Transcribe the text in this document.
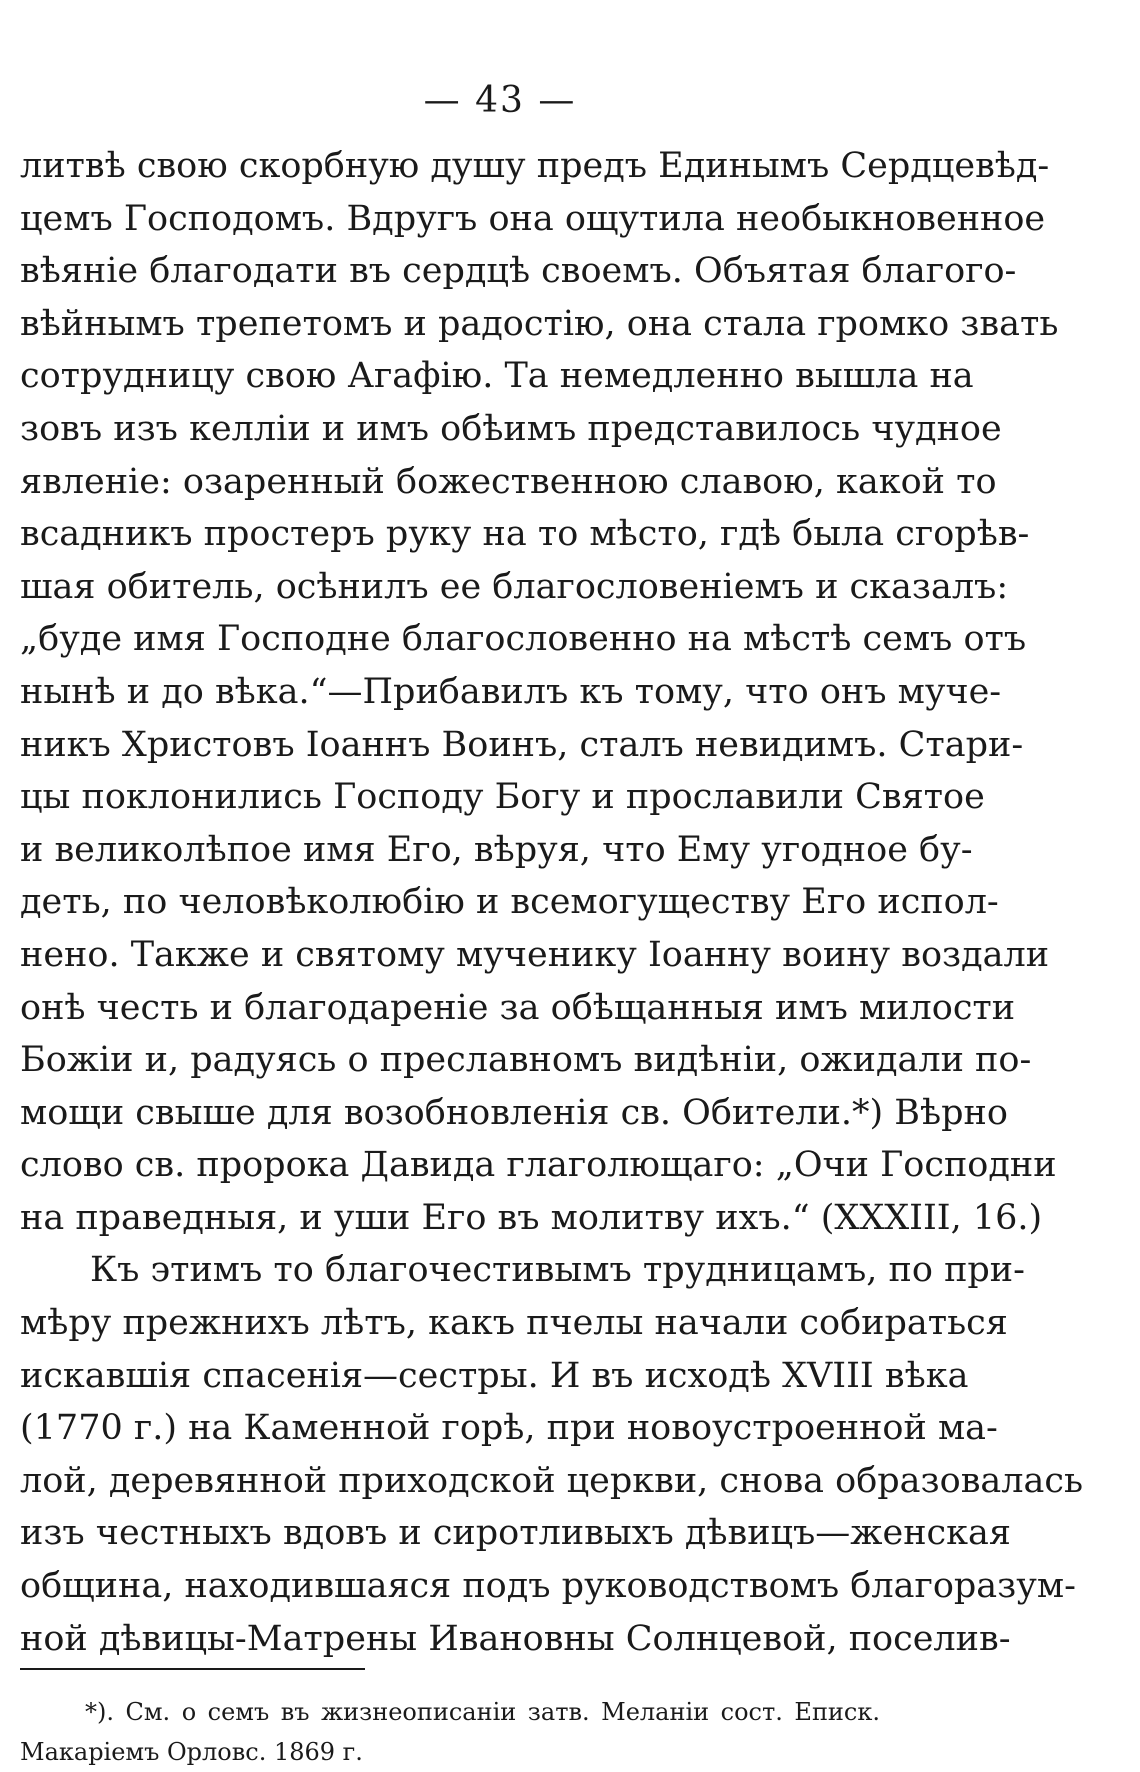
— 43 —
литвѣ свою скорбную душу предъ Единымъ Сердцевѣд-
цемъ Господомъ. Вдругъ она ощутила необыкновенное
вѣяніе благодати въ сердцѣ своемъ. Объятая благого-
вѣйнымъ трепетомъ и радостію, она стала громко звать
сотрудницу свою Агафію. Та немедленно вышла на
зовъ изъ келліи и имъ обѣимъ представилось чудное
явленіе: озаренный божественною славою, какой то
всадникъ простеръ руку на то мѣсто, гдѣ была сгорѣв-
шая обитель, осѣнилъ ее благословеніемъ и сказалъ:
„буде имя Господне благословенно на мѣстѣ семъ отъ
нынѣ и до вѣка.“—Прибавилъ къ тому, что онъ муче-
никъ Христовъ Іоаннъ Воинъ, сталъ невидимъ. Стари-
цы поклонились Господу Богу и прославили Святое
и великолѣпое имя Его, вѣруя, что Ему угодное бу-
деть, по человѣколюбію и всемогуществу Его испол-
нено. Также и святому мученику Іоанну воину воздали
онѣ честь и благодареніе за обѣщанныя имъ милости
Божіи и, радуясь о преславномъ видѣніи, ожидали по-
мощи свыше для возобновленія св. Обители.*) Вѣрно
слово св. пророка Давида глаголющаго: „Очи Господни
на праведныя, и уши Его въ молитву ихъ.“ (XXXIII, 16.)
Къ этимъ то благочестивымъ трудницамъ, по при-
мѣру прежнихъ лѣтъ, какъ пчелы начали собираться
искавшія спасенія—сестры. И въ исходѣ XVIII вѣка
(1770 г.) на Каменной горѣ, при новоустроенной ма-
лой, деревянной приходской церкви, снова образовалась
изъ честныхъ вдовъ и сиротливыхъ дѣвицъ—женская
община, находившаяся подъ руководствомъ благоразум-
ной дѣвицы-Матрены Ивановны Солнцевой, поселив-
*). См. о семъ въ жизнеописаніи затв. Меланіи сост. Еписк.
Макаріемъ Орловс. 1869 г.
